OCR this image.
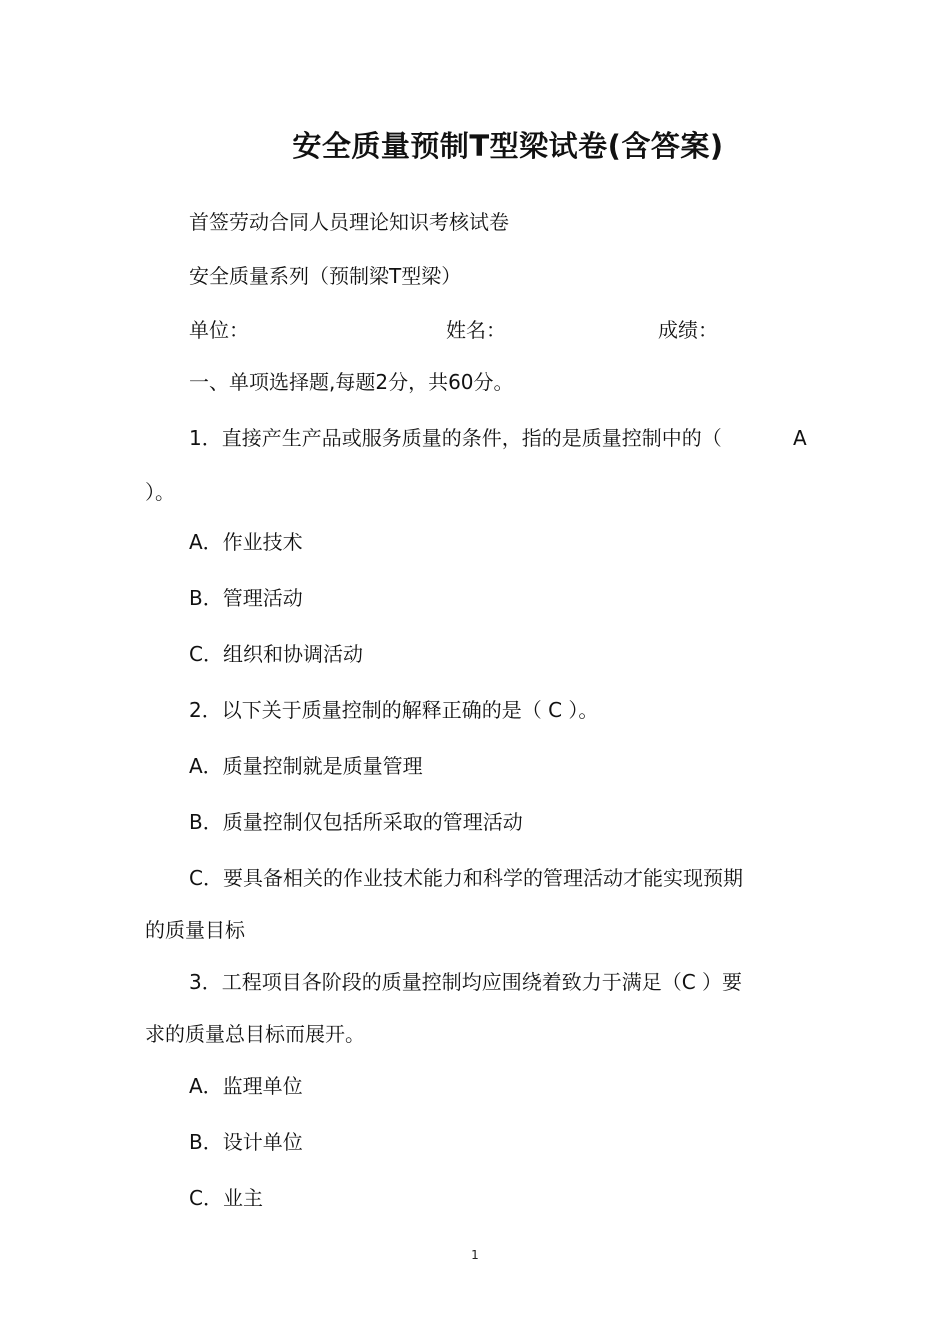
安全质量预制T型梁试卷(含答案)
首签劳动合同人员理论知识考核试卷
安全质量系列（预制梁T型梁）
单位：	姓名：	成绩：
一、单项选择题,每题2分，共60分。
1．直接产生产品或服务质量的条件，指的是质量控制中的（	A
）。
A．作业技术
B．管理活动
C．组织和协调活动
2．以下关于质量控制的解释正确的是（ C ）。
A．质量控制就是质量管理
B．质量控制仅包括所采取的管理活动
C．要具备相关的作业技术能力和科学的管理活动才能实现预期
的质量目标
3．工程项目各阶段的质量控制均应围绕着致力于满足（C ）要
求的质量总目标而展开。
A．监理单位
B．设计单位
C．业主
1
